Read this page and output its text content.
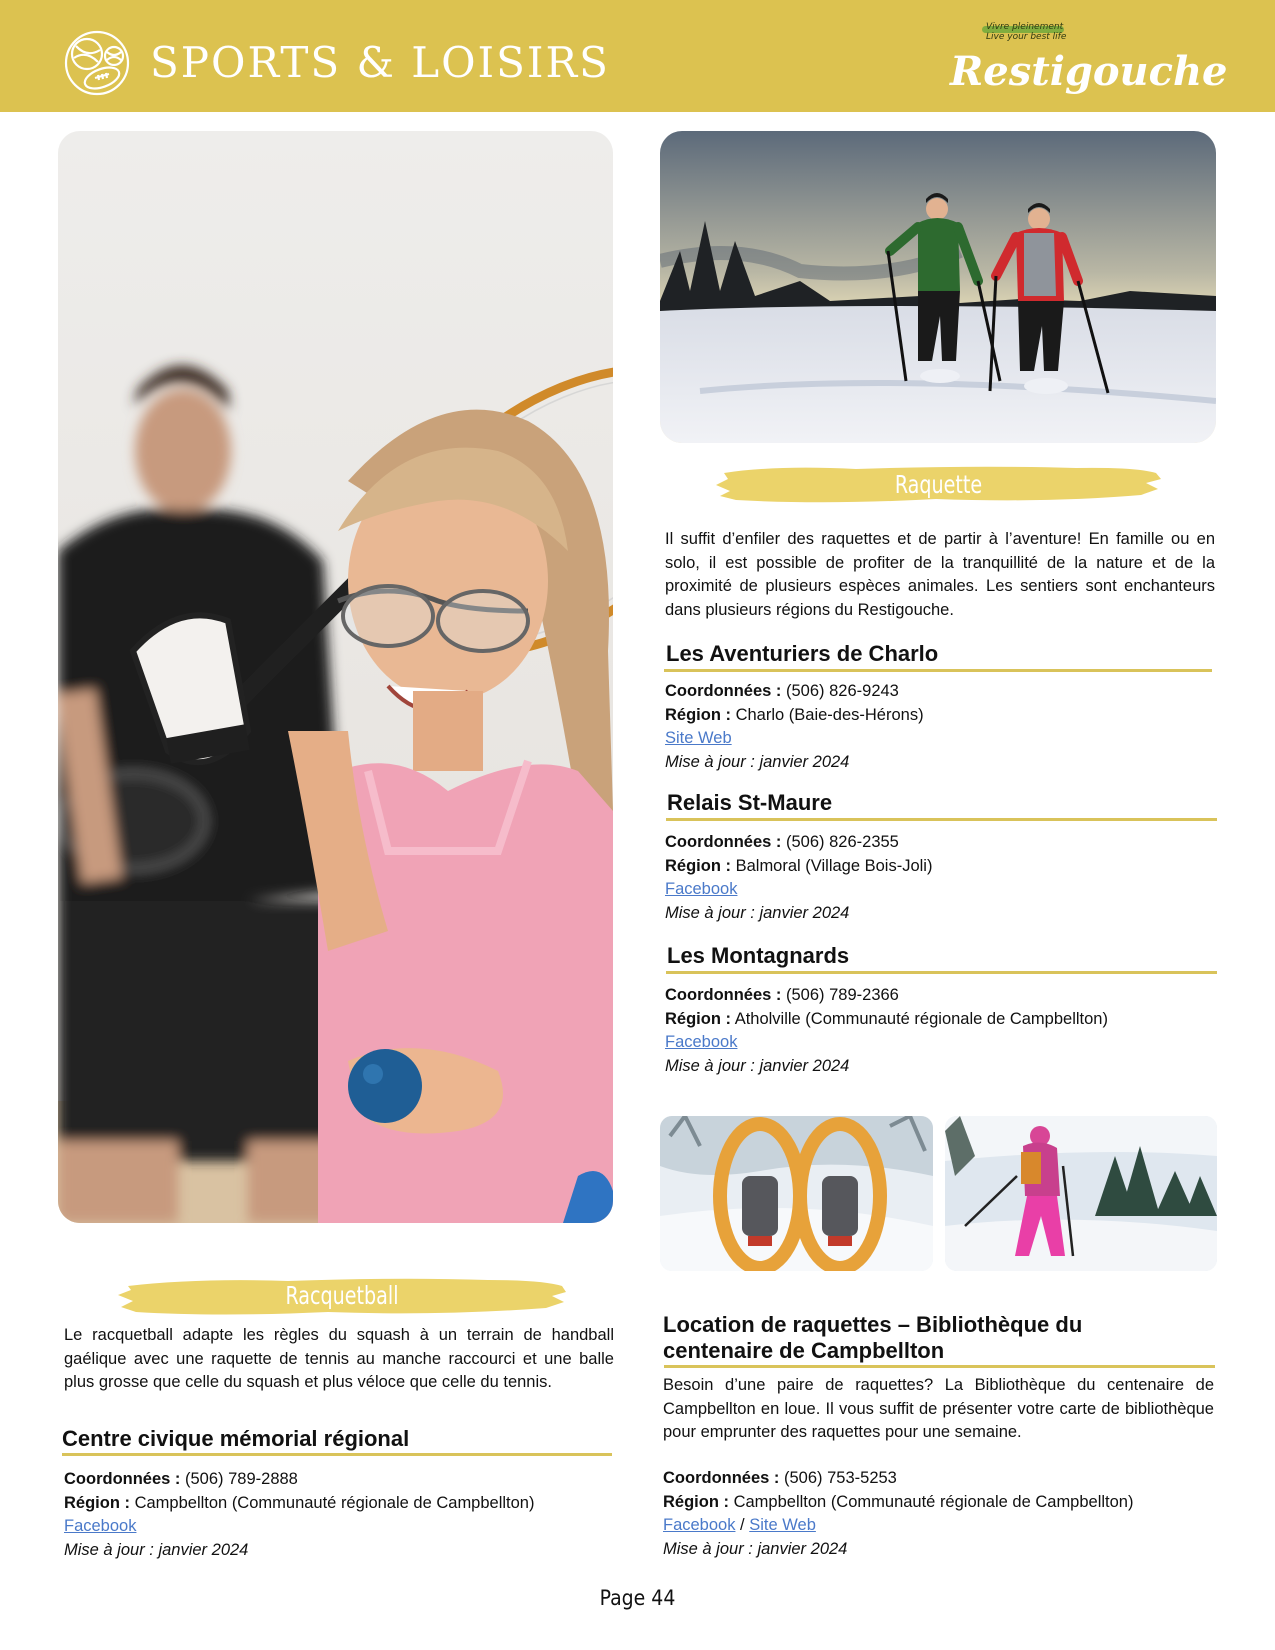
SPORTS & LOISIRS
Vivre pleinement
Live your best life
Restigouche
Raquette
Il suffit d’enfiler des raquettes et de partir à l’aventure! En famille ou en solo, il est possible de profiter de la tranquillité de la nature et de la proximité de plusieurs espèces animales. Les sentiers sont enchanteurs dans plusieurs régions du Restigouche.
Les Aventuriers de Charlo
Coordonnées : (506) 826-9243
Région : Charlo (Baie-des-Hérons)
Site Web
Mise à jour : janvier 2024
Relais St-Maure
Coordonnées : (506) 826-2355
Région : Balmoral (Village Bois-Joli)
Facebook
Mise à jour : janvier 2024
Les Montagnards
Coordonnées : (506) 789-2366
Région : Atholville (Communauté régionale de Campbellton)
Facebook
Mise à jour : janvier 2024
Location de raquettes – Bibliothèque du centenaire de Campbellton
Besoin d’une paire de raquettes? La Bibliothèque du centenaire de Campbellton en loue. Il vous suffit de présenter votre carte de bibliothèque pour emprunter des raquettes pour une semaine.
Coordonnées : (506) 753-5253
Région : Campbellton (Communauté régionale de Campbellton)
Facebook / Site Web
Mise à jour : janvier 2024
Racquetball
Le racquetball adapte les règles du squash à un terrain de handball gaélique avec une raquette de tennis au manche raccourci et une balle plus grosse que celle du squash et plus véloce que celle du tennis.
Centre civique mémorial régional
Coordonnées : (506) 789-2888
Région : Campbellton (Communauté régionale de Campbellton)
Facebook
Mise à jour : janvier 2024
Page 44
